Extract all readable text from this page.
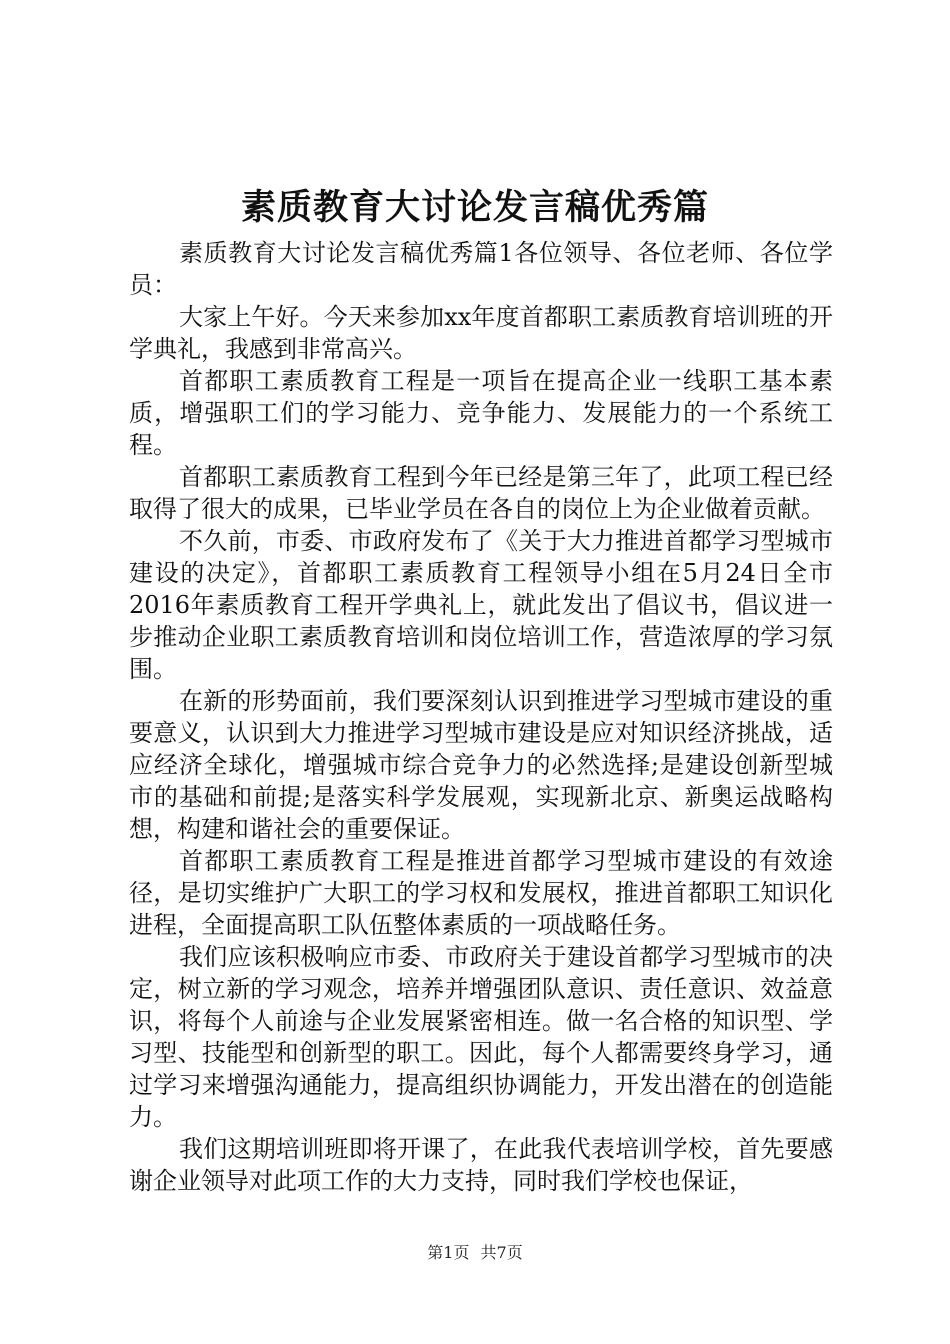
素质教育大讨论发言稿优秀篇

素质教育大讨论发言稿优秀篇1各位领导、各位老师、各位学员：

大家上午好。今天来参加xx年度首都职工素质教育培训班的开学典礼，我感到非常高兴。

首都职工素质教育工程是一项旨在提高企业一线职工基本素质，增强职工们的学习能力、竞争能力、发展能力的一个系统工程。

首都职工素质教育工程到今年已经是第三年了，此项工程已经取得了很大的成果，已毕业学员在各自的岗位上为企业做着贡献。

不久前，市委、市政府发布了《关于大力推进首都学习型城市建设的决定》，首都职工素质教育工程领导小组在5月24日全市2016年素质教育工程开学典礼上，就此发出了倡议书，倡议进一步推动企业职工素质教育培训和岗位培训工作，营造浓厚的学习氛围。

在新的形势面前，我们要深刻认识到推进学习型城市建设的重要意义，认识到大力推进学习型城市建设是应对知识经济挑战，适应经济全球化，增强城市综合竞争力的必然选择;是建设创新型城市的基础和前提;是落实科学发展观，实现新北京、新奥运战略构想，构建和谐社会的重要保证。

首都职工素质教育工程是推进首都学习型城市建设的有效途径，是切实维护广大职工的学习权和发展权，推进首都职工知识化进程，全面提高职工队伍整体素质的一项战略任务。

我们应该积极响应市委、市政府关于建设首都学习型城市的决定，树立新的学习观念，培养并增强团队意识、责任意识、效益意识，将每个人前途与企业发展紧密相连。做一名合格的知识型、学习型、技能型和创新型的职工。因此，每个人都需要终身学习，通过学习来增强沟通能力，提高组织协调能力，开发出潜在的创造能力。

我们这期培训班即将开课了，在此我代表培训学校，首先要感谢企业领导对此项工作的大力支持，同时我们学校也保证，

第1页 共7页
